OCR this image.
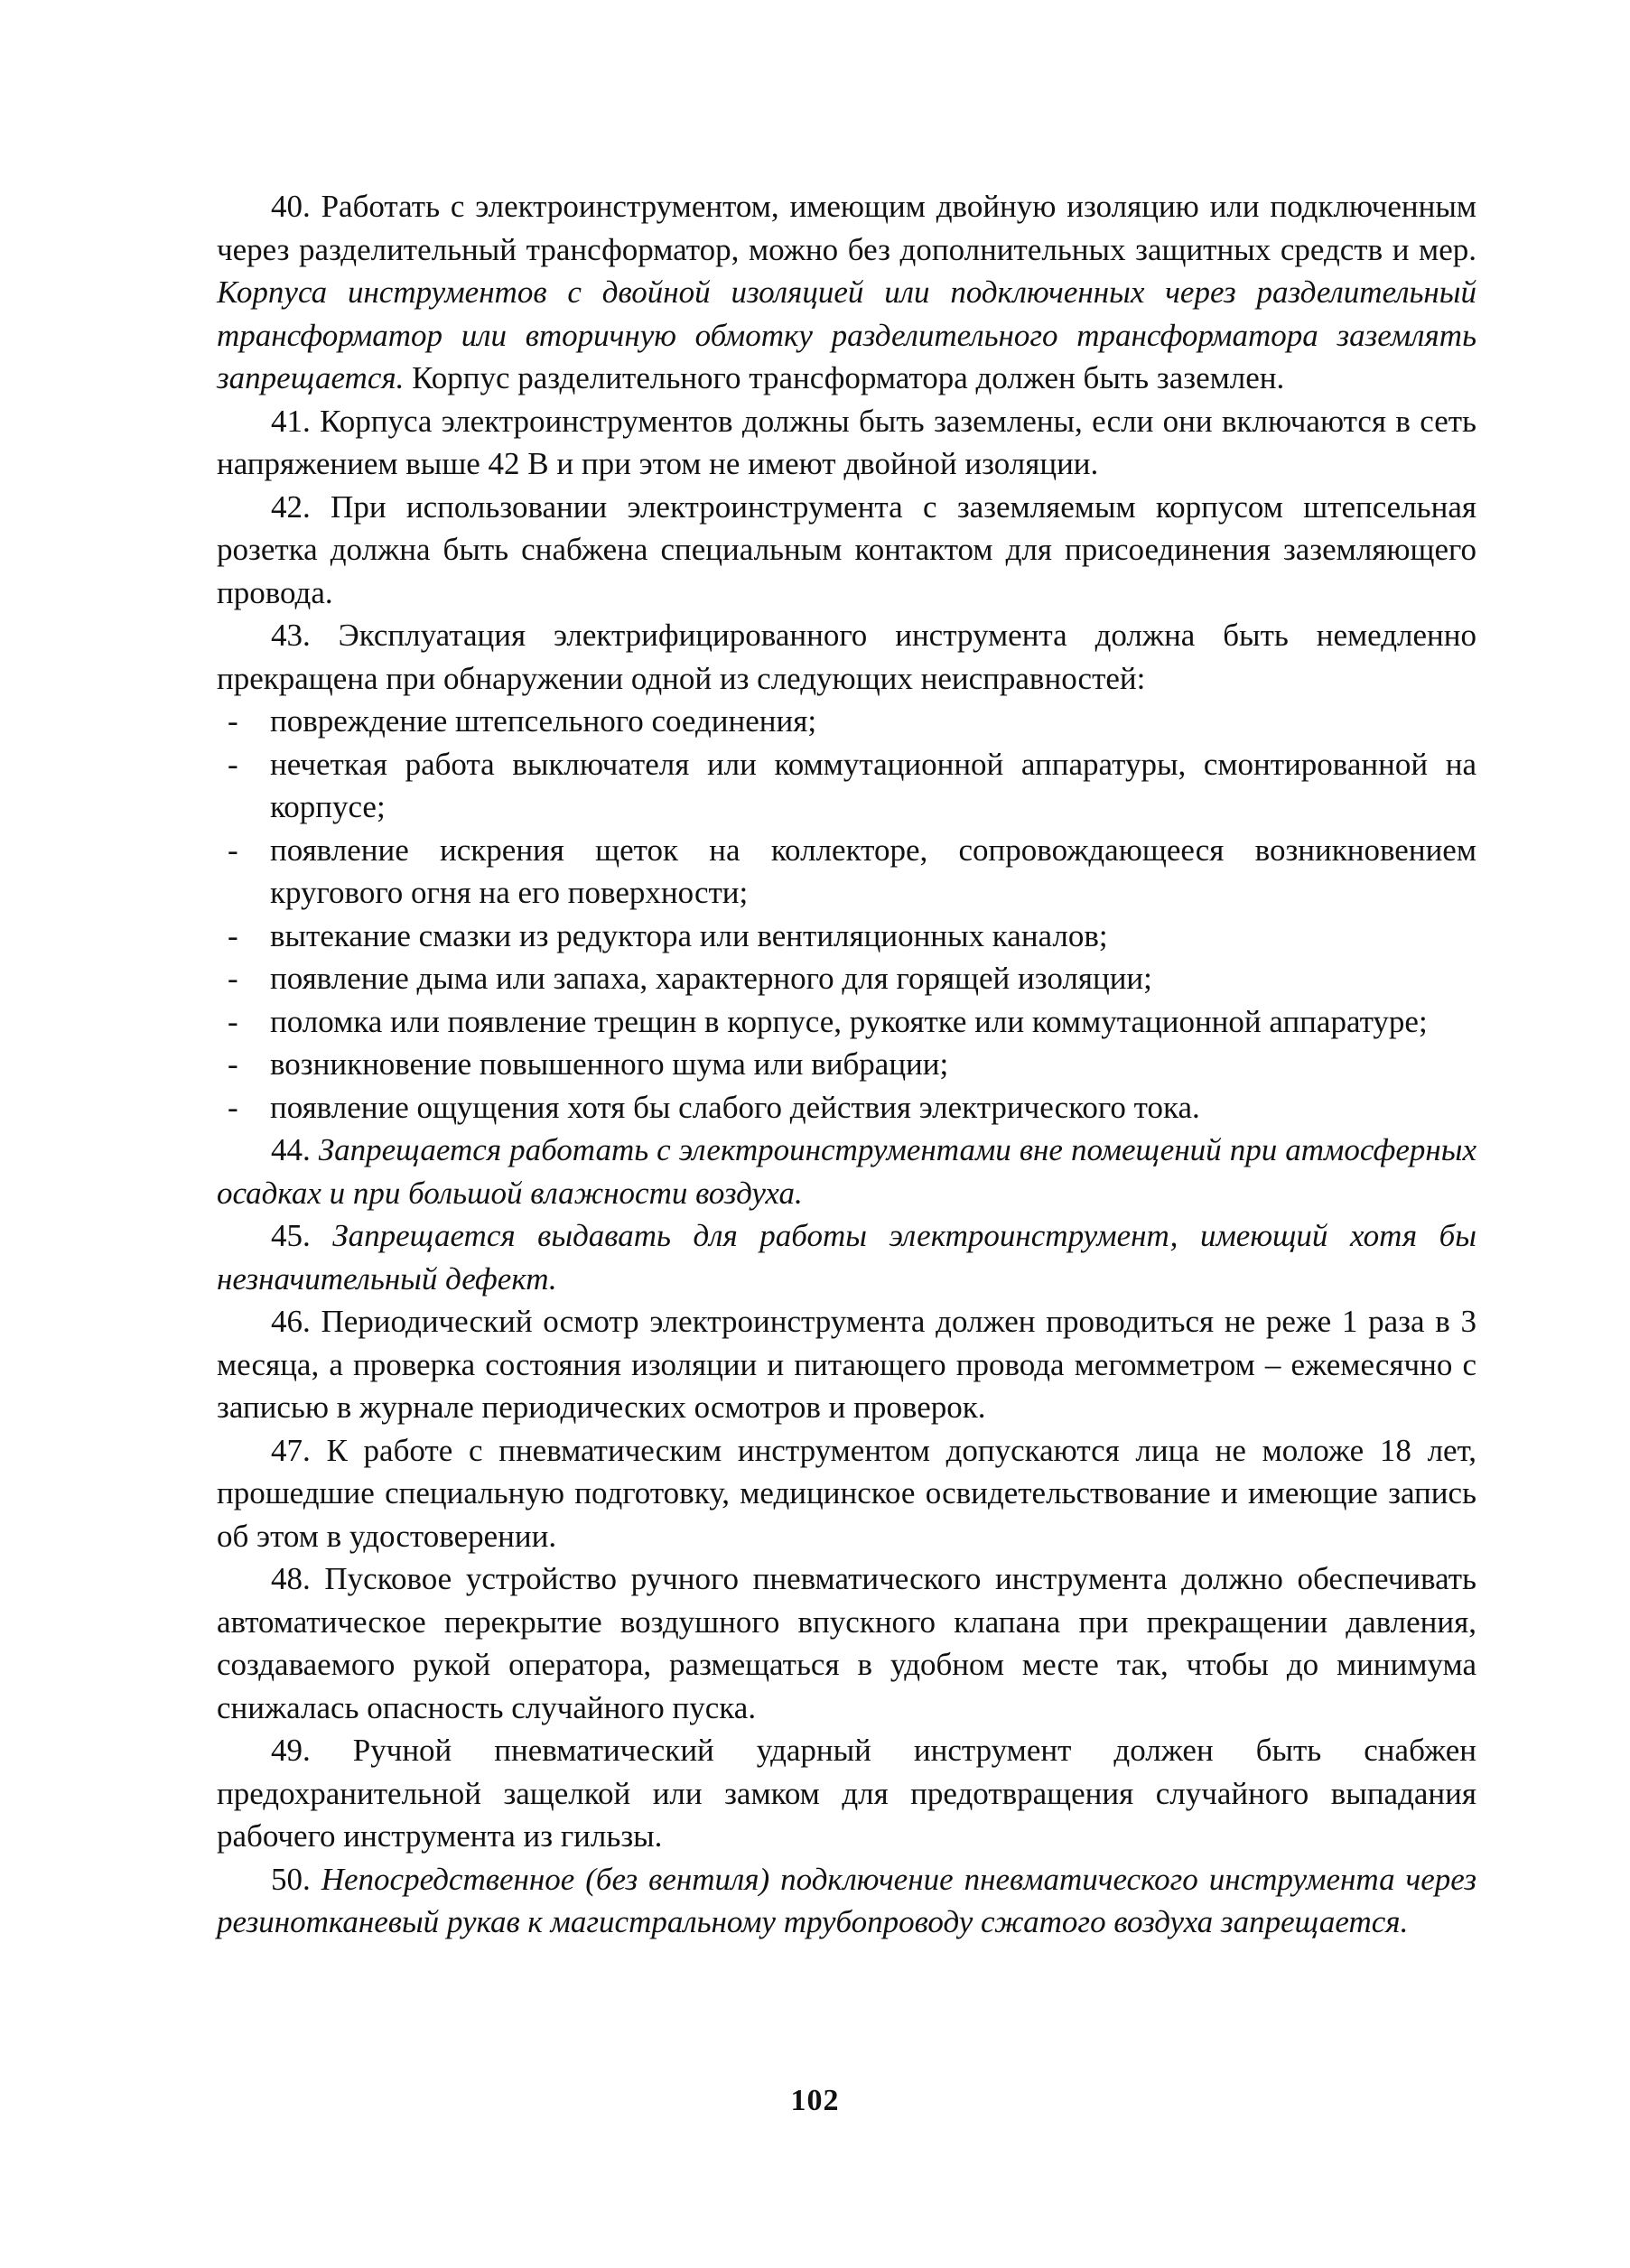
40. Работать с электроинструментом, имеющим двойную изоляцию или подключенным через разделительный трансформатор, можно без дополнительных защитных средств и мер. Корпуса инструментов с двойной изоляцией или подключенных через разделительный трансформатор или вторичную обмотку разделительного трансформатора заземлять запрещается. Корпус разделительного трансформатора должен быть заземлен.

41. Корпуса электроинструментов должны быть заземлены, если они включаются в сеть напряжением выше 42 В и при этом не имеют двойной изоляции.

42. При использовании электроинструмента с заземляемым корпусом штепсельная розетка должна быть снабжена специальным контактом для присоединения заземляющего провода.

43. Эксплуатация электрифицированного инструмента должна быть немедленно прекращена при обнаружении одной из следующих неисправностей:

- повреждение штепсельного соединения;
- нечеткая работа выключателя или коммутационной аппаратуры, смонтированной на корпусе;
- появление искрения щеток на коллекторе, сопровождающееся возникновением кругового огня на его поверхности;
- вытекание смазки из редуктора или вентиляционных каналов;
- появление дыма или запаха, характерного для горящей изоляции;
- поломка или появление трещин в корпусе, рукоятке или коммутационной аппаратуре;
- возникновение повышенного шума или вибрации;
- появление ощущения хотя бы слабого действия электрического тока.

44. Запрещается работать с электроинструментами вне помещений при атмосферных осадках и при большой влажности воздуха.

45. Запрещается выдавать для работы электроинструмент, имеющий хотя бы незначительный дефект.

46. Периодический осмотр электроинструмента должен проводиться не реже 1 раза в 3 месяца, а проверка состояния изоляции и питающего провода мегомметром – ежемесячно с записью в журнале периодических осмотров и проверок.

47. К работе с пневматическим инструментом допускаются лица не моложе 18 лет, прошедшие специальную подготовку, медицинское освидетельствование и имеющие запись об этом в удостоверении.

48. Пусковое устройство ручного пневматического инструмента должно обеспечивать автоматическое перекрытие воздушного впускного клапана при прекращении давления, создаваемого рукой оператора, размещаться в удобном месте так, чтобы до минимума снижалась опасность случайного пуска.

49. Ручной пневматический ударный инструмент должен быть снабжен предохранительной защелкой или замком для предотвращения случайного выпадания рабочего инструмента из гильзы.

50. Непосредственное (без вентиля) подключение пневматического инструмента через резинотканевый рукав к магистральному трубопроводу сжатого воздуха запрещается.

102
